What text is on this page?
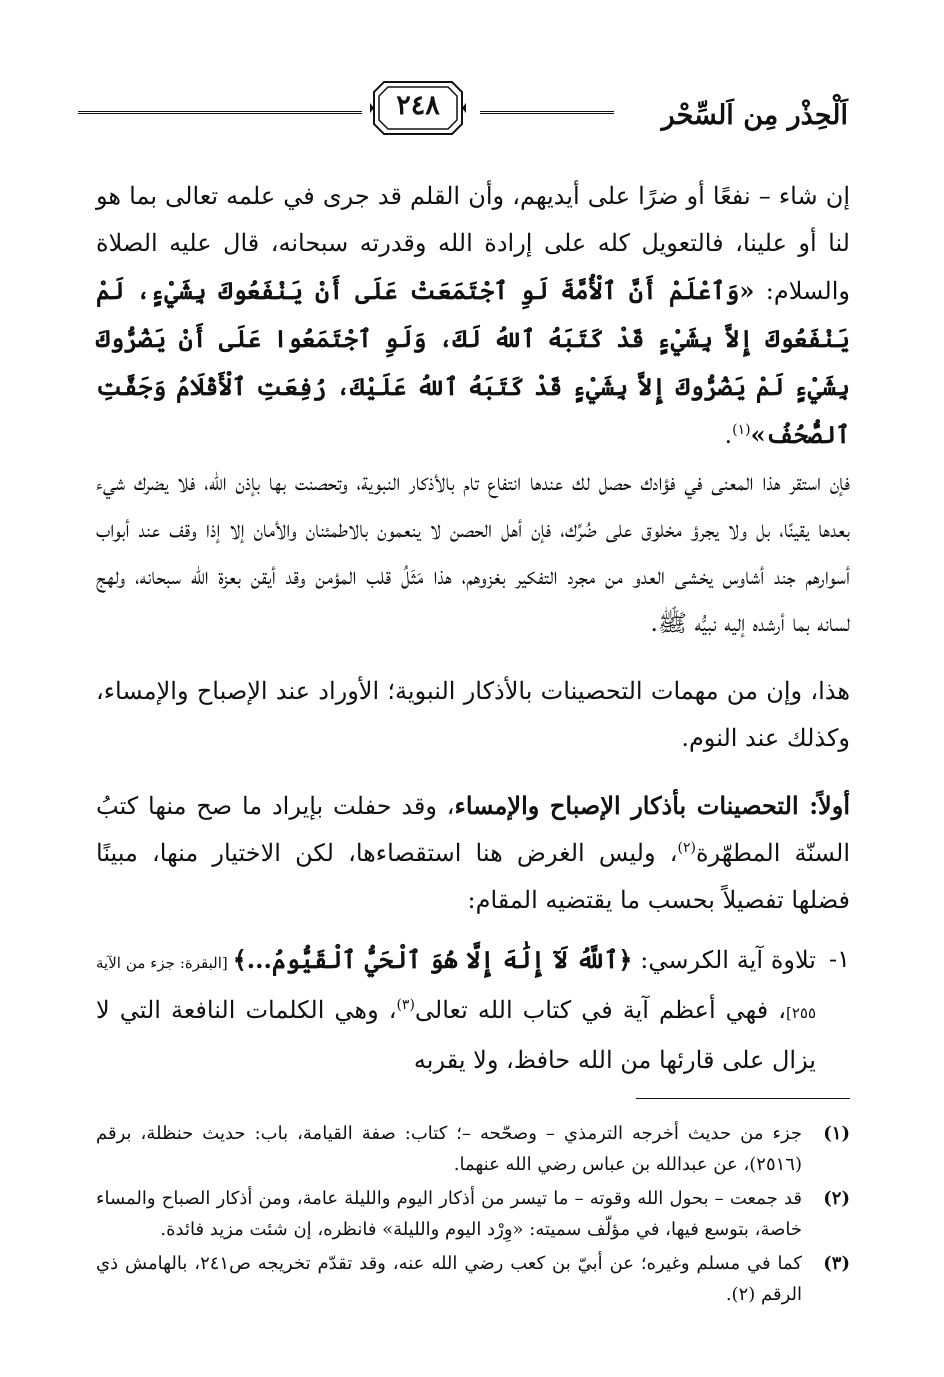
اَلْحِذْر مِن اَلسِّحْر
٢٤٨

إن شاء – نفعًا أو ضرًا على أيديهم، وأن القلم قد جرى في علمه تعالى بما هو لنا أو علينا، فالتعويل كله على إرادة الله وقدرته سبحانه، قال عليه الصلاة والسلام: «وَٱعْلَمْ أَنَّ ٱلْأُمَّةَ لَوِ ٱجْتَمَعَتْ عَلَى أَنْ يَنْفَعُوكَ بِشَيْءٍ، لَمْ يَنْفَعُوكَ إِلاَّ بِشَيْءٍ قَدْ كَتَبَهُ ٱللهُ لَكَ، وَلَوِ ٱجْتَمَعُوا عَلَى أَنْ يَضُرُّوكَ بِشَيْءٍ لَمْ يَضُرُّوكَ إِلاَّ بِشَيْءٍ قَدْ كَتَبَهُ ٱللهُ عَلَيْكَ، رُفِعَتِ ٱلْأَقْلَامُ وَجَفَّتِ ٱلصُّحُفُ»$^{(١)}$.

فإن استقر هذا المعنى في فؤادك حصل لك عندها انتفاع تام بالأذكار النبوية، وتحصنت بها بإذن الله، فلا يضرك شيء بعدها يقينًا، بل ولا يجرؤ مخلوق على ضُرِّك، فإن أهل الحصن لا ينعمون بالاطمئنان والأمان إلا إذا وقف عند أبواب أسوارهم جند أشاوس يخشى العدو من مجرد التفكير بغزوهم، هذا مَثَلُ قلب المؤمن وقد أيقن بعزة الله سبحانه، ولهج لسانه بما أرشده إليه نبيُّه ﷺ.

هذا، وإن من مهمات التحصينات بالأذكار النبوية؛ الأوراد عند الإصباح والإمساء، وكذلك عند النوم.

أولاً: التحصينات بأذكار الإصباح والإمساء، وقد حفلت بإيراد ما صح منها كتبُ السنّة المطهّرة$^{(٢)}$، وليس الغرض هنا استقصاءها، لكن الاختيار منها، مبينًا فضلها تفصيلاً بحسب ما يقتضيه المقام:

١-
تلاوة آية الكرسي: ﴿ٱللَّهُ لَآ إِلَٰهَ إِلَّا هُوَ ٱلْحَيُّ ٱلْقَيُّومُ...﴾ [البقرة: جزء من الآية ٢٥٥]، فهي أعظم آية في كتاب الله تعالى$^{(٣)}$، وهي الكلمات النافعة التي لا يزال على قارئها من الله حافظ، ولا يقربه

(١)
جزء من حديث أخرجه الترمذي – وصحّحه –؛ كتاب: صفة القيامة، باب: حديث حنظلة، برقم (٢٥١٦)، عن عبدالله بن عباس رضي الله عنهما.

(٢)
قد جمعت – بحول الله وقوته – ما تيسر من أذكار اليوم والليلة عامة، ومن أذكار الصباح والمساء خاصة، بتوسع فيها، في مؤلّف سميته: «وِرْد اليوم والليلة» فانظره، إن شئت مزيد فائدة.

(٣)
كما في مسلم وغيره؛ عن أبيّ بن كعب رضي الله عنه، وقد تقدّم تخريجه ص٢٤١، بالهامش ذي الرقم (٢).
